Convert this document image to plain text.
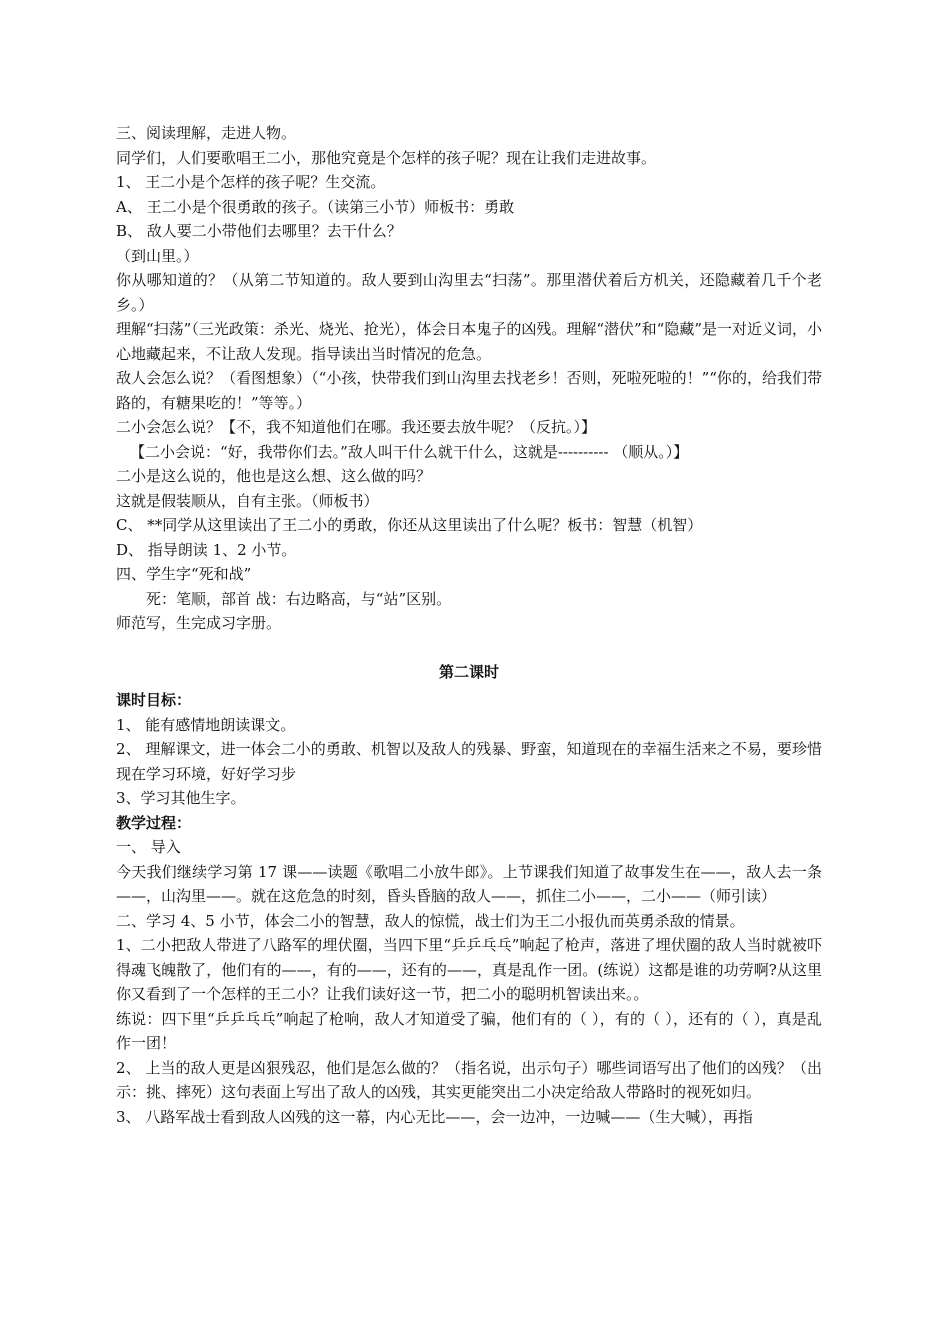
三、阅读理解，走进人物。

同学们，人们要歌唱王二小，那他究竟是个怎样的孩子呢？现在让我们走进故事。

1、 王二小是个怎样的孩子呢？生交流。

A、 王二小是个很勇敢的孩子。（读第三小节）师板书：勇敢

B、 敌人要二小带他们去哪里？去干什么？

（到山里。）

你从哪知道的？（从第二节知道的。敌人要到山沟里去“扫荡”。那里潜伏着后方机关，还隐藏着几千个老乡。）

理解“扫荡”（三光政策：杀光、烧光、抢光），体会日本鬼子的凶残。理解“潜伏”和“隐藏”是一对近义词，小心地藏起来，不让敌人发现。指导读出当时情况的危急。

敌人会怎么说？（看图想象）（“小孩，快带我们到山沟里去找老乡！否则，死啦死啦的！”“你的，给我们带路的，有糖果吃的！”等等。）

二小会怎么说？【不，我不知道他们在哪。我还要去放牛呢？（反抗。）】

【二小会说：“好，我带你们去。”敌人叫干什么就干什么，这就是---------- （顺从。）】

二小是这么说的，他也是这么想、这么做的吗？

这就是假装顺从，自有主张。（师板书）

C、 **同学从这里读出了王二小的勇敢，你还从这里读出了什么呢？板书：智慧（机智）

D、 指导朗读 1、2 小节。

四、学生字“死和战”

死：笔顺，部首 战：右边略高，与“站”区别。

师范写，生完成习字册。

第二课时

课时目标：

1、 能有感情地朗读课文。

2、 理解课文，进一体会二小的勇敢、机智以及敌人的残暴、野蛮，知道现在的幸福生活来之不易，要珍惜现在学习环境，好好学习步

3、学习其他生字。

教学过程：

一、 导入

今天我们继续学习第 17 课——读题《歌唱二小放牛郎》。上节课我们知道了故事发生在——，敌人去一条——，山沟里——。就在这危急的时刻，昏头昏脑的敌人——，抓住二小——，二小——（师引读）

二、学习 4、5 小节，体会二小的智慧，敌人的惊慌，战士们为王二小报仇而英勇杀敌的情景。

1、二小把敌人带进了八路军的埋伏圈，当四下里“乒乒乓乓”响起了枪声，落进了埋伏圈的敌人当时就被吓得魂飞魄散了，他们有的——，有的——，还有的——，真是乱作一团。(练说）这都是谁的功劳啊?从这里你又看到了一个怎样的王二小？让我们读好这一节，把二小的聪明机智读出来。。

练说：四下里“乒乒乓乓”响起了枪响，敌人才知道受了骗，他们有的（ ），有的（ ），还有的（ ），真是乱作一团！

2、 上当的敌人更是凶狠残忍，他们是怎么做的？（指名说，出示句子）哪些词语写出了他们的凶残？（出示：挑、摔死）这句表面上写出了敌人的凶残，其实更能突出二小决定给敌人带路时的视死如归。

3、 八路军战士看到敌人凶残的这一幕，内心无比——，会一边冲，一边喊——（生大喊），再指
